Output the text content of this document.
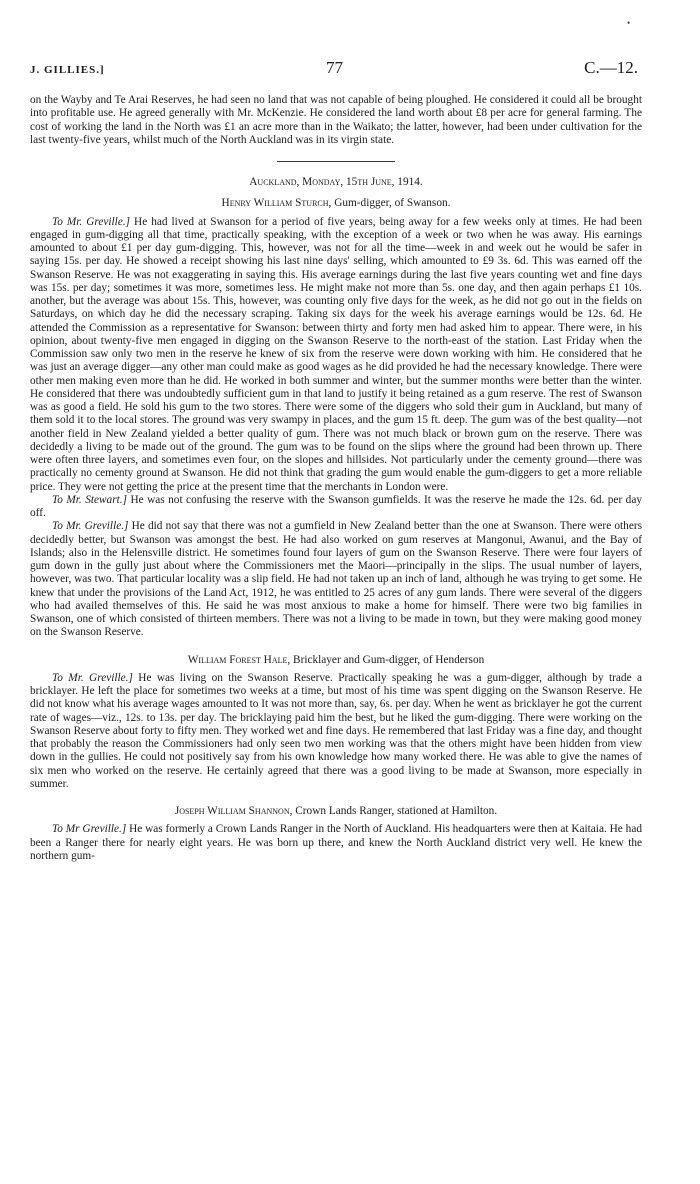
•
J. GILLIES.]	77	C.—12.

on the Wayby and Te Arai Reserves, he had seen no land that was not capable of being ploughed. He considered it could all be brought into profitable use. He agreed generally with Mr. McKenzie. He considered the land worth about £8 per acre for general farming. The cost of working the land in the North was £1 an acre more than in the Waikato; the latter, however, had been under cultivation for the last twenty-five years, whilst much of the North Auckland was in its virgin state.

Auckland, Monday, 15th June, 1914.

Henry William Sturch, Gum-digger, of Swanson.

To Mr. Greville.] He had lived at Swanson for a period of five years, being away for a few weeks only at times. He had been engaged in gum-digging all that time, practically speaking, with the exception of a week or two when he was away. His earnings amounted to about £1 per day gum-digging. This, however, was not for all the time—week in and week out he would be safer in saying 15s. per day. He showed a receipt showing his last nine days' selling, which amounted to £9 3s. 6d. This was earned off the Swanson Reserve. He was not exaggerating in saying this. His average earnings during the last five years counting wet and fine days was 15s. per day; sometimes it was more, sometimes less. He might make not more than 5s. one day, and then again perhaps £1 10s. another, but the average was about 15s. This, however, was counting only five days for the week, as he did not go out in the fields on Saturdays, on which day he did the necessary scraping. Taking six days for the week his average earnings would be 12s. 6d. He attended the Commission as a representative for Swanson: between thirty and forty men had asked him to appear. There were, in his opinion, about twenty-five men engaged in digging on the Swanson Reserve to the north-east of the station. Last Friday when the Commission saw only two men in the reserve he knew of six from the reserve were down working with him. He considered that he was just an average digger—any other man could make as good wages as he did provided he had the necessary knowledge. There were other men making even more than he did. He worked in both summer and winter, but the summer months were better than the winter. He considered that there was undoubtedly sufficient gum in that land to justify it being retained as a gum reserve. The rest of Swanson was as good a field. He sold his gum to the two stores. There were some of the diggers who sold their gum in Auckland, but many of them sold it to the local stores. The ground was very swampy in places, and the gum 15 ft. deep. The gum was of the best quality—not another field in New Zealand yielded a better quality of gum. There was not much black or brown gum on the reserve. There was decidedly a living to be made out of the ground. The gum was to be found on the slips where the ground had been thrown up. There were often three layers, and sometimes even four, on the slopes and hillsides. Not particularly under the cementy ground—there was practically no cementy ground at Swanson. He did not think that grading the gum would enable the gum-diggers to get a more reliable price. They were not getting the price at the present time that the merchants in London were.

To Mr. Stewart.] He was not confusing the reserve with the Swanson gumfields. It was the reserve he made the 12s. 6d. per day off.

To Mr. Greville.] He did not say that there was not a gumfield in New Zealand better than the one at Swanson. There were others decidedly better, but Swanson was amongst the best. He had also worked on gum reserves at Mangonui, Awanui, and the Bay of Islands; also in the Helensville district. He sometimes found four layers of gum on the Swanson Reserve. There were four layers of gum down in the gully just about where the Commissioners met the Maori—principally in the slips. The usual number of layers, however, was two. That particular locality was a slip field. He had not taken up an inch of land, although he was trying to get some. He knew that under the provisions of the Land Act, 1912, he was entitled to 25 acres of any gum lands. There were several of the diggers who had availed themselves of this. He said he was most anxious to make a home for himself. There were two big families in Swanson, one of which consisted of thirteen members. There was not a living to be made in town, but they were making good money on the Swanson Reserve.

William Forest Hale, Bricklayer and Gum-digger, of Henderson

To Mr. Greville.] He was living on the Swanson Reserve. Practically speaking he was a gum-digger, although by trade a bricklayer. He left the place for sometimes two weeks at a time, but most of his time was spent digging on the Swanson Reserve. He did not know what his average wages amounted to It was not more than, say, 6s. per day. When he went as bricklayer he got the current rate of wages—viz., 12s. to 13s. per day. The bricklaying paid him the best, but he liked the gum-digging. There were working on the Swanson Reserve about forty to fifty men. They worked wet and fine days. He remembered that last Friday was a fine day, and thought that probably the reason the Commissioners had only seen two men working was that the others might have been hidden from view down in the gullies. He could not positively say from his own knowledge how many worked there. He was able to give the names of six men who worked on the reserve. He certainly agreed that there was a good living to be made at Swanson, more especially in summer.

Joseph William Shannon, Crown Lands Ranger, stationed at Hamilton.

To Mr Greville.] He was formerly a Crown Lands Ranger in the North of Auckland. His headquarters were then at Kaitaia. He had been a Ranger there for nearly eight years. He was born up there, and knew the North Auckland district very well. He knew the northern gum-
